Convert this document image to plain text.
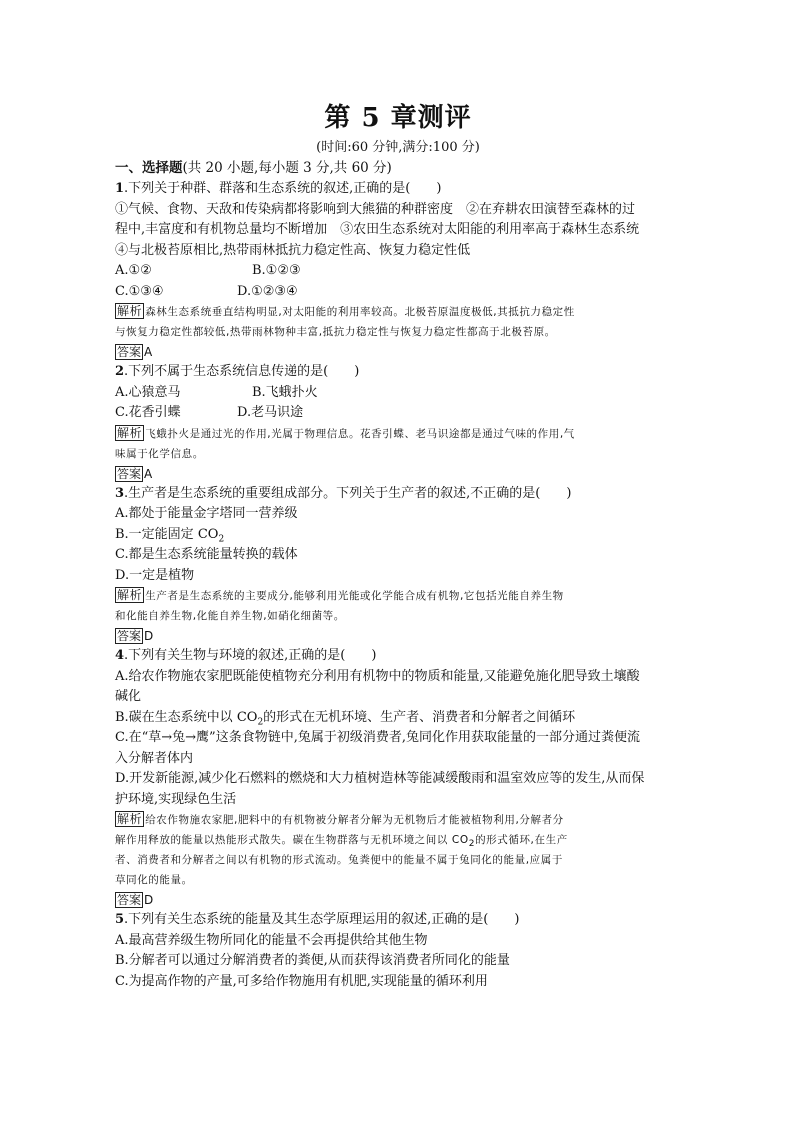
第 5 章测评
(时间:60 分钟,满分:100 分)
一、选择题(共 20 小题,每小题 3 分,共 60 分)
1.下列关于种群、群落和生态系统的叙述,正确的是(　　)
①气候、食物、天敌和传染病都将影响到大熊猫的种群密度　②在弃耕农田演替至森林的过
程中,丰富度和有机物总量均不断增加　③农田生态系统对太阳能的利用率高于森林生态系统
④与北极苔原相比,热带雨林抵抗力稳定性高、恢复力稳定性低
A.①②	B.①②③
C.①③④	D.①②③④
解析 森林生态系统垂直结构明显,对太阳能的利用率较高。北极苔原温度极低,其抵抗力稳定性
与恢复力稳定性都较低,热带雨林物种丰富,抵抗力稳定性与恢复力稳定性都高于北极苔原。
答案 A
2.下列不属于生态系统信息传递的是(　　)
A.心猿意马	B.飞蛾扑火
C.花香引蝶	D.老马识途
解析 飞蛾扑火是通过光的作用,光属于物理信息。花香引蝶、老马识途都是通过气味的作用,气
味属于化学信息。
答案 A
3.生产者是生态系统的重要组成部分。下列关于生产者的叙述,不正确的是(　　)
A.都处于能量金字塔同一营养级
B.一定能固定 $CO_2$
C.都是生态系统能量转换的载体
D.一定是植物
解析 生产者是生态系统的主要成分,能够利用光能或化学能合成有机物,它包括光能自养生物
和化能自养生物,化能自养生物,如硝化细菌等。
答案 D
4.下列有关生物与环境的叙述,正确的是(　　)
A.给农作物施农家肥既能使植物充分利用有机物中的物质和能量,又能避免施化肥导致土壤酸
碱化
B.碳在生态系统中以 $CO_2$的形式在无机环境、生产者、消费者和分解者之间循环
C.在“草→兔→鹰”这条食物链中,兔属于初级消费者,兔同化作用获取能量的一部分通过粪便流
入分解者体内
D.开发新能源,减少化石燃料的燃烧和大力植树造林等能减缓酸雨和温室效应等的发生,从而保
护环境,实现绿色生活
解析 给农作物施农家肥,肥料中的有机物被分解者分解为无机物后才能被植物利用,分解者分
解作用释放的能量以热能形式散失。碳在生物群落与无机环境之间以 $CO_2$的形式循环,在生产
者、消费者和分解者之间以有机物的形式流动。兔粪便中的能量不属于兔同化的能量,应属于
草同化的能量。
答案 D
5.下列有关生态系统的能量及其生态学原理运用的叙述,正确的是(　　)
A.最高营养级生物所同化的能量不会再提供给其他生物
B.分解者可以通过分解消费者的粪便,从而获得该消费者所同化的能量
C.为提高作物的产量,可多给作物施用有机肥,实现能量的循环利用
